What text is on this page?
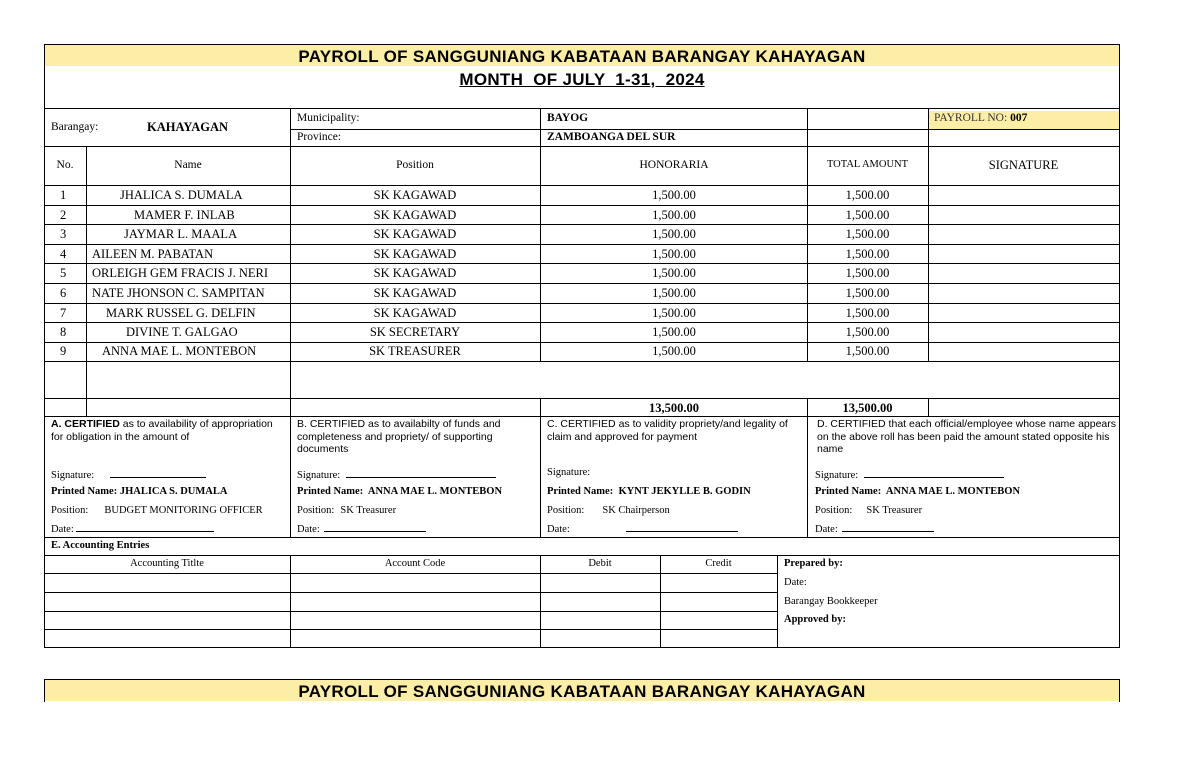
PAYROLL OF SANGGUNIANG KABATAAN BARANGAY KAHAYAGAN
MONTH  OF JULY  1-31,  2024
Barangay:	KAHAYAGAN
Municipality:	BAYOG
Province:	ZAMBOANGA DEL SUR
PAYROLL NO: 007
No.	Name	Position	HONORARIA	TOTAL AMOUNT	SIGNATURE
1	JHALICA S. DUMALA	SK KAGAWAD	1,500.00	1,500.00
2	MAMER F. INLAB	SK KAGAWAD	1,500.00	1,500.00
3	JAYMAR L. MAALA	SK KAGAWAD	1,500.00	1,500.00
4 AILEEN M. PABATAN	SK KAGAWAD	1,500.00	1,500.00
5 ORLEIGH GEM FRACIS J. NERI	SK KAGAWAD	1,500.00	1,500.00
6 NATE JHONSON C. SAMPITAN	SK KAGAWAD	1,500.00	1,500.00
7	MARK RUSSEL G. DELFIN	SK KAGAWAD	1,500.00	1,500.00
8	DIVINE T. GALGAO	SK SECRETARY	1,500.00	1,500.00
9	ANNA MAE L. MONTEBON	SK TREASURER	1,500.00	1,500.00
13,500.00	13,500.00
A. CERTIFIED as to availability of appropriation for obligation in the amount of
Signature:
Printed Name: JHALICA S. DUMALA
Position: BUDGET MONITORING OFFICER
Date:
B. CERTIFIED as to availabilty of funds and completeness and propriety/ of supporting documents
Signature:
Printed Name: ANNA MAE L. MONTEBON
Position: SK Treasurer
Date:
C. CERTIFIED as to validity propriety/and legality of claim and approved for payment
Signature:
Printed Name: KYNT JEKYLLE B. GODIN
Position: SK Chairperson
Date:
D. CERTIFIED that each official/employee whose name appears on the above roll has been paid the amount stated opposite his name
Signature:
Printed Name: ANNA MAE L. MONTEBON
Position: SK Treasurer
Date:
E. Accounting Entries
Accounting Titlte	Account Code	Debit	Credit	Prepared by:
Date:
Barangay Bookkeeper
Approved by:
PAYROLL OF SANGGUNIANG KABATAAN BARANGAY KAHAYAGAN
